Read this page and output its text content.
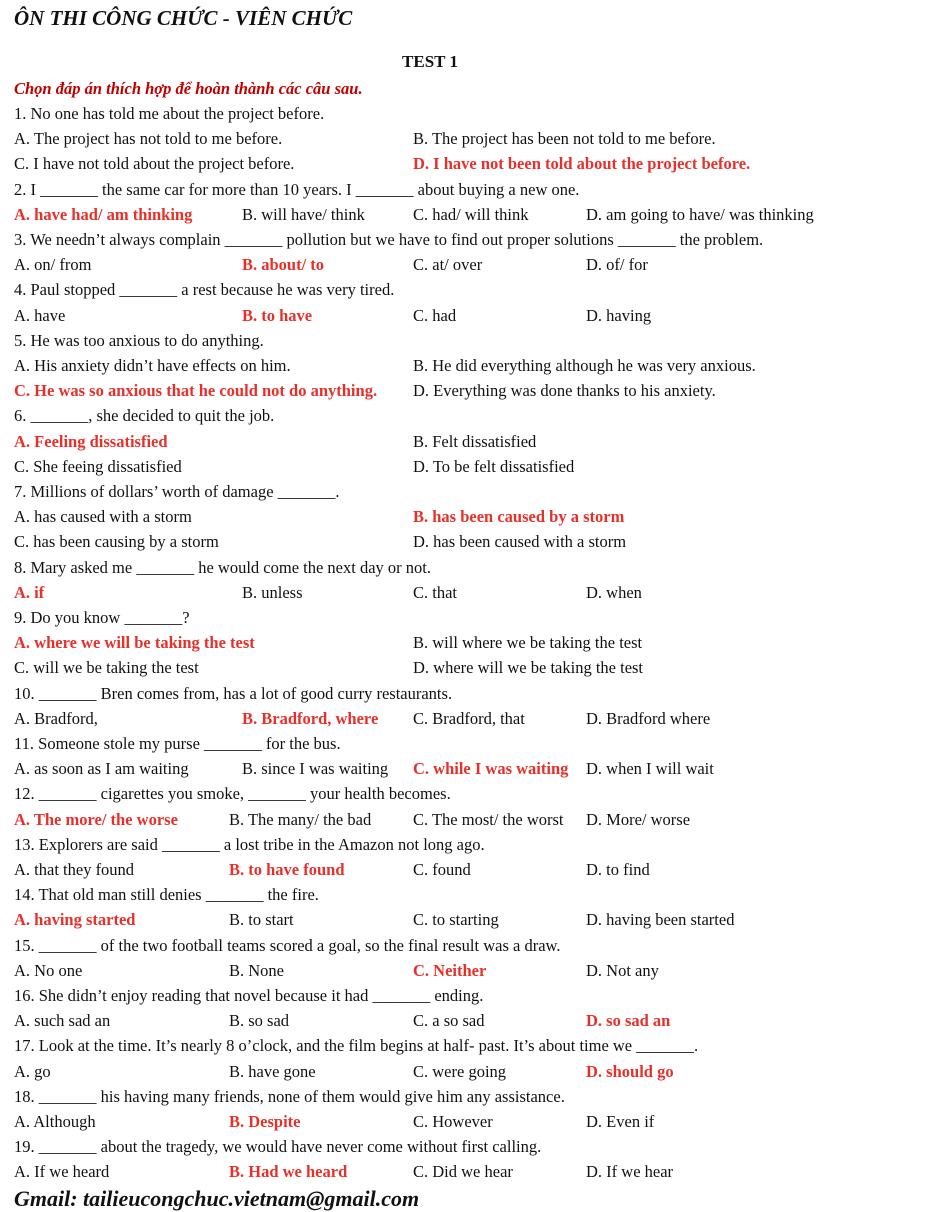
ÔN THI CÔNG CHỨC - VIÊN CHỨC
TEST 1
Chọn đáp án thích hợp để hoàn thành các câu sau.
1. No one has told me about the project before.
A. The project has not told to me before.	B. The project has been not told to me before.
C. I have not told about the project before.	D. I have not been told about the project before.
2. I _______ the same car for more than 10 years. I _______ about buying a new one.
A. have had/ am thinking	B. will have/ think	C. had/ will think	D. am going to have/ was thinking
3. We needn’t always complain _______ pollution but we have to find out proper solutions _______ the problem.
A. on/ from	B. about/ to	C. at/ over	D. of/ for
4. Paul stopped _______ a rest because he was very tired.
A. have	B. to have	C. had	D. having
5. He was too anxious to do anything.
A. His anxiety didn’t have effects on him.	B. He did everything although he was very anxious.
C. He was so anxious that he could not do anything. D. Everything was done thanks to his anxiety.
6. _______, she decided to quit the job.
A. Feeling dissatisfied	B. Felt dissatisfied
C. She feeing dissatisfied	D. To be felt dissatisfied
7. Millions of dollars’ worth of damage _______.
A. has caused with a storm	B. has been caused by a storm
C. has been causing by a storm	D. has been caused with a storm
8. Mary asked me _______ he would come the next day or not.
A. if	B. unless	C. that	D. when
9. Do you know _______?
A. where we will be taking the test	B. will where we be taking the test
C. will we be taking the test	D. where will we be taking the test
10. _______ Bren comes from, has a lot of good curry restaurants.
A. Bradford,	B. Bradford, where C. Bradford, that	D. Bradford where
11. Someone stole my purse _______ for the bus.
A. as soon as I am waiting	B. since I was waiting C. while I was waiting D. when I will wait
12. _______ cigarettes you smoke, _______ your health becomes.
A. The more/ the worse	B. The many/ the bad	C. The most/ the worst D. More/ worse
13. Explorers are said _______ a lost tribe in the Amazon not long ago.
A. that they found	B. to have found	C. found	D. to find
14. That old man still denies _______ the fire.
A. having started	B. to start	C. to starting	D. having been started
15. _______ of the two football teams scored a goal, so the final result was a draw.
A. No one	B. None	C. Neither	D. Not any
16. She didn’t enjoy reading that novel because it had _______ ending.
A. such sad an	B. so sad	C. a so sad	D. so sad an
17. Look at the time. It’s nearly 8 o’clock, and the film begins at half- past. It’s about time we _______.
A. go	B. have gone	C. were going	D. should go
18. _______ his having many friends, none of them would give him any assistance.
A. Although	B. Despite	C. However	D. Even if
19. _______ about the tragedy, we would have never come without first calling.
A. If we heard	B. Had we heard	C. Did we hear	D. If we hear
Gmail: tailieucongchuc.vietnam@gmail.com
